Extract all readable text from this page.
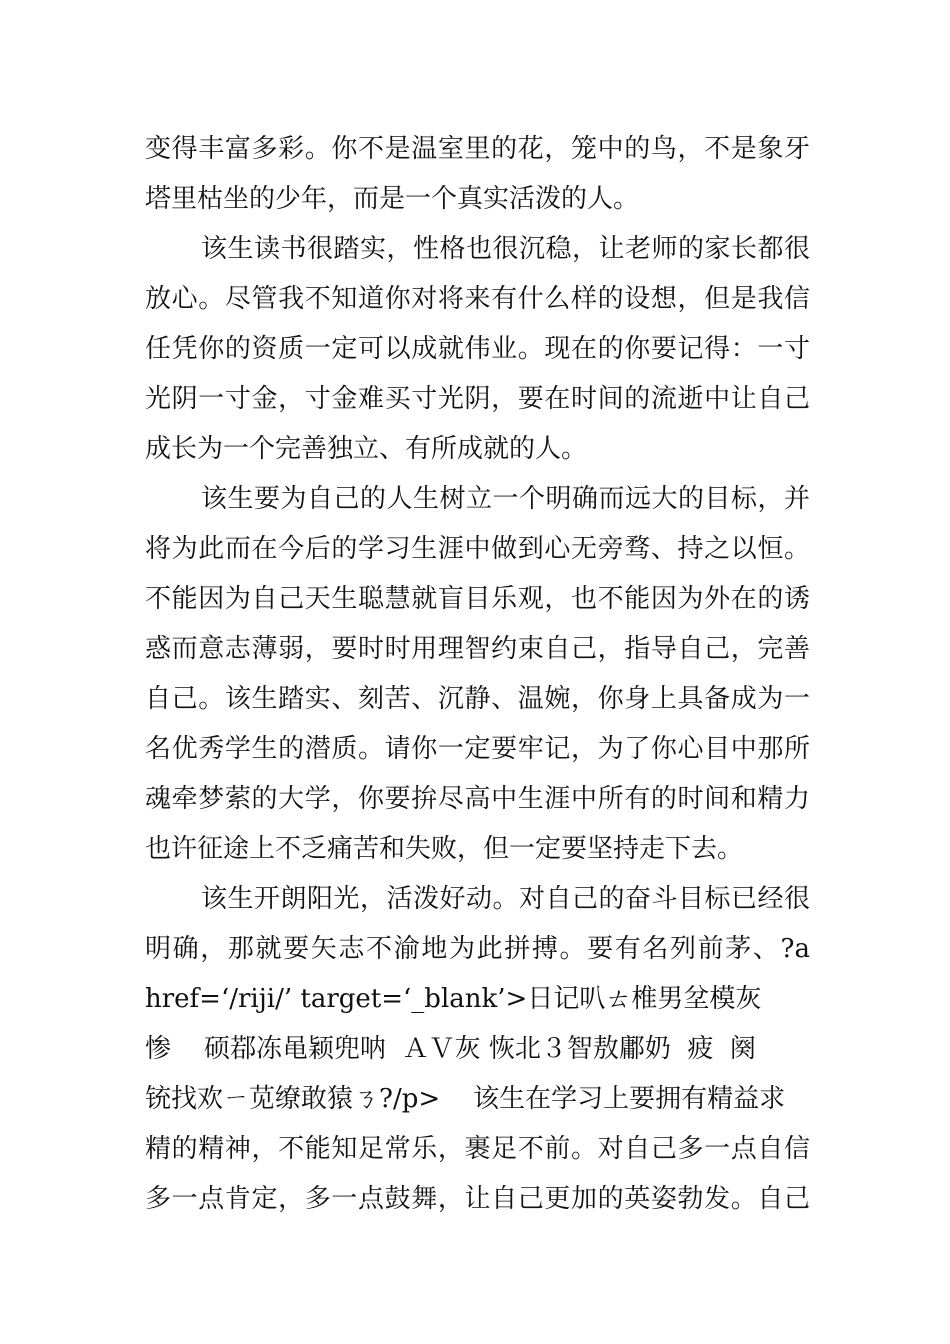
变得丰富多彩。你不是温室里的花，笼中的鸟，不是象牙
塔里枯坐的少年，而是一个真实活泼的人。
该生读书很踏实，性格也很沉稳，让老师的家长都很
放心。尽管我不知道你对将来有什么样的设想，但是我信
任凭你的资质一定可以成就伟业。现在的你要记得：一寸
光阴一寸金，寸金难买寸光阴，要在时间的流逝中让自己
成长为一个完善独立、有所成就的人。
该生要为自己的人生树立一个明确而远大的目标，并
将为此而在今后的学习生涯中做到心无旁骛、持之以恒。
不能因为自己天生聪慧就盲目乐观，也不能因为外在的诱
惑而意志薄弱，要时时用理智约束自己，指导自己，完善
自己。该生踏实、刻苦、沉静、温婉，你身上具备成为一
名优秀学生的潜质。请你一定要牢记，为了你心目中那所
魂牵梦萦的大学，你要拚尽高中生涯中所有的时间和精力
也许征途上不乏痛苦和失败，但一定要坚持走下去。
该生开朗阳光，活泼好动。对自己的奋斗目标已经很
明确，那就要矢志不渝地为此拼搏。要有名列前茅、?a
href=‘/riji/’ target=‘_blank’>日记叭ㄊ椎男坌模灰
惨    硕鄀冻黾颖兜呐  ＡＶ灰 恢北３智敖鄘奶  疲  阕
铳找欢ㄧ苋缭敢猿ㄋ?/p>    该生在学习上要拥有精益求
精的精神，不能知足常乐，裹足不前。对自己多一点自信
多一点肯定，多一点鼓舞，让自己更加的英姿勃发。自己
